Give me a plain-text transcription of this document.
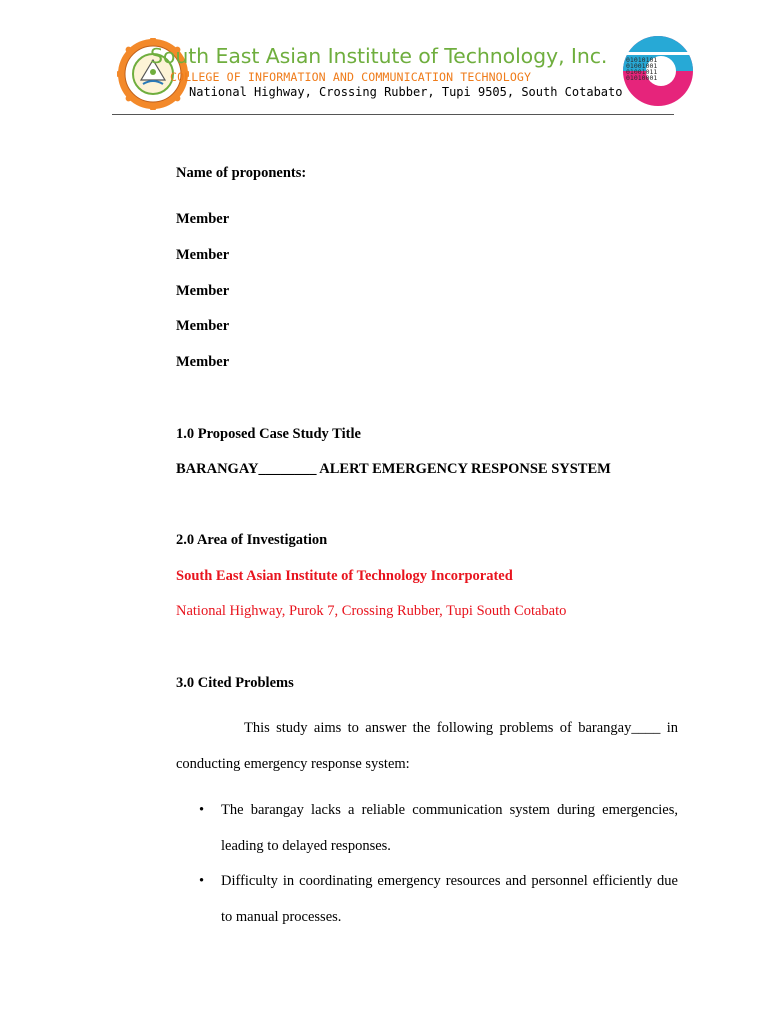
South East Asian Institute of Technology, Inc.
COLLEGE OF INFORMATION AND COMMUNICATION TECHNOLOGY
National Highway, Crossing Rubber, Tupi 9505, South Cotabato
01010101
01001001
01001011
01010001
Name of proponents:
Member
Member
Member
Member
Member
1.0 Proposed Case Study Title
BARANGAY________ ALERT EMERGENCY RESPONSE SYSTEM
2.0 Area of Investigation
South East Asian Institute of Technology Incorporated
National Highway, Purok 7, Crossing Rubber, Tupi South Cotabato
3.0 Cited Problems
This study aims to answer the following problems of barangay____ in conducting emergency response system:
• The barangay lacks a reliable communication system during emergencies, leading to delayed responses.
• Difficulty in coordinating emergency resources and personnel efficiently due to manual processes.
